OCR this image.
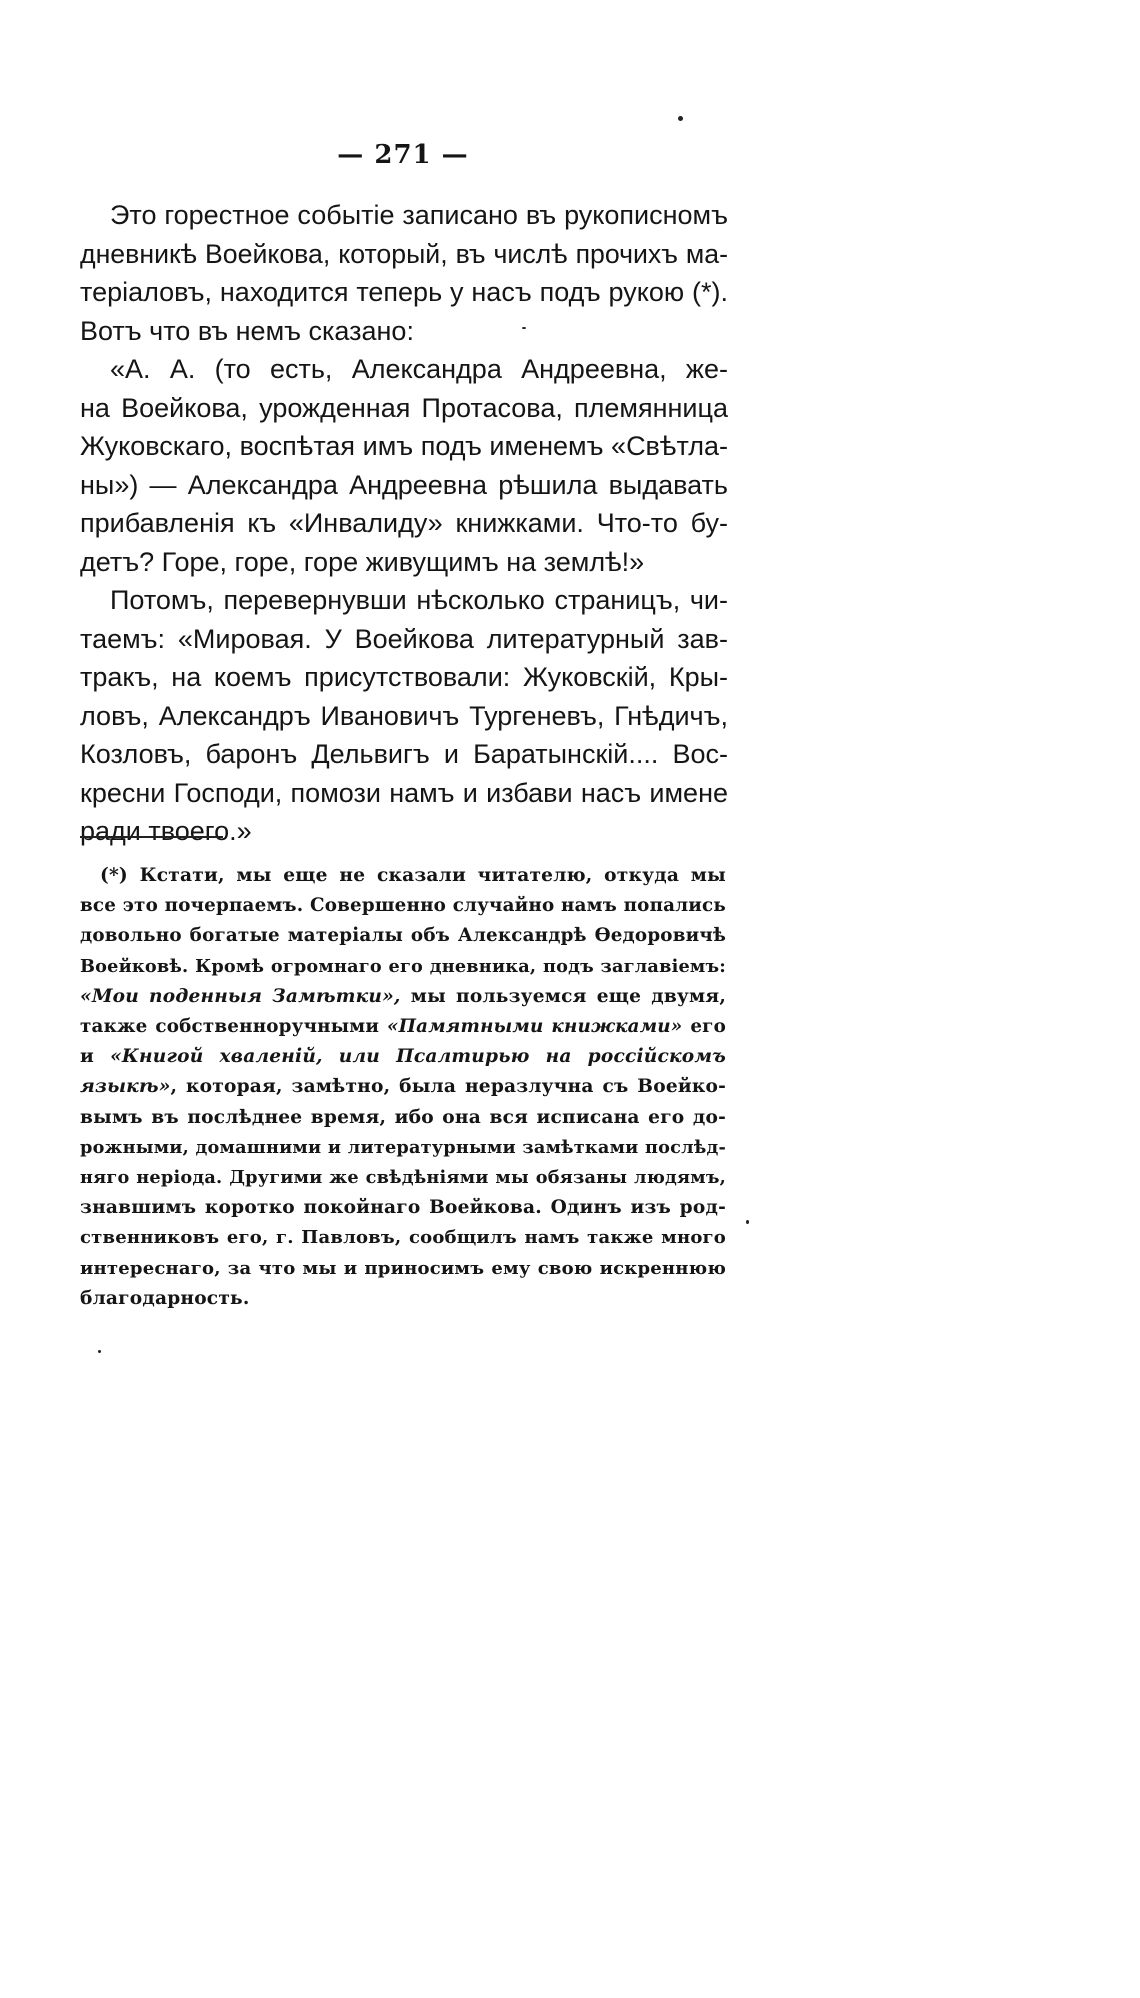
— 271 —
Это горестное событіе записано въ рукописномъ
дневникѣ Воейкова, который, въ числѣ прочихъ ма-
теріаловъ, находится теперь у насъ подъ рукою (*).
Вотъ что въ немъ сказано:
«А. А. (то есть, Александра Андреевна, же-
на Воейкова, урожденная Протасова, племянница
Жуковскаго, воспѣтая имъ подъ именемъ «Свѣтла-
ны») — Александра Андреевна рѣшила выдавать
прибавленія къ «Инвалиду» книжками. Что-то бу-
детъ? Горе, горе, горе живущимъ на землѣ!»
Потомъ, перевернувши нѣсколько страницъ, чи-
таемъ: «Мировая. У Воейкова литературный зав-
тракъ, на коемъ присутствовали: Жуковскій, Кры-
ловъ, Александръ Ивановичъ Тургеневъ, Гнѣдичъ,
Козловъ, баронъ Дельвигъ и Баратынскій.... Вос-
кресни Господи, помози намъ и избави насъ имене
ради твоего.»
(*) Кстати, мы еще не сказали читателю, откуда мы
все это почерпаемъ. Совершенно случайно намъ попались
довольно богатые матеріалы объ Александрѣ Өедоровичѣ
Воейковѣ. Кромѣ огромнаго его дневника, подъ заглавіемъ:
«Мои поденныя Замѣтки», мы пользуемся еще двумя,
также собственноручными «Памятными книжками» его
и «Книгой хваленій, или Псалтирью на россійскомъ
языкѣ», которая, замѣтно, была неразлучна съ Воейко-
вымъ въ послѣднее время, ибо она вся исписана его до-
рожными, домашними и литературными замѣтками послѣд-
няго неріода. Другими же свѣдѣніями мы обязаны людямъ,
знавшимъ коротко покойнаго Воейкова. Одинъ изъ род-
ственниковъ его, г. Павловъ, сообщилъ намъ также много
интереснаго, за что мы и приносимъ ему свою искреннюю
благодарность.
